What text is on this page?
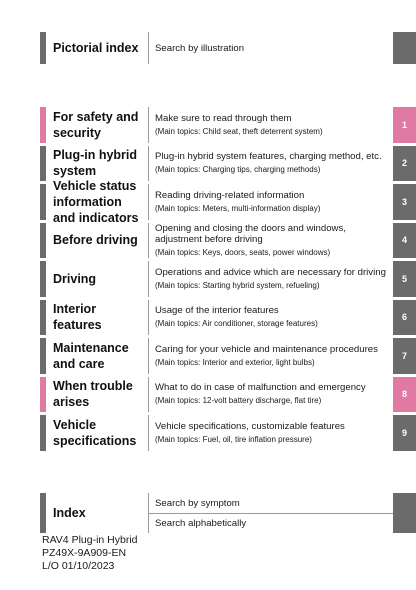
Pictorial index	Search by illustration
For safety and security
Make sure to read through them
(Main topics: Child seat, theft deterrent system)
1
Plug-in hybrid system
Plug-in hybrid system features, charging method, etc.
(Main topics: Charging tips, charging methods)
2
Vehicle status information and indicators
Reading driving-related information
(Main topics: Meters, multi-information display)
3
Before driving
Opening and closing the doors and windows, adjustment before driving
(Main topics: Keys, doors, seats, power windows)
4
Driving	Operations and advice which are necessary for driving
(Main topics: Starting hybrid system, refueling)
5
Interior features
Usage of the interior features
(Main topics: Air conditioner, storage features)
6
Maintenance and care
Caring for your vehicle and maintenance procedures
(Main topics: Interior and exterior, light bulbs)
7
When trouble arises
What to do in case of malfunction and emergency
(Main topics: 12-volt battery discharge, flat tire)
8
Vehicle specifications
Vehicle specifications, customizable features
(Main topics: Fuel, oil, tire inflation pressure)
9
Index
Search by symptom
Search alphabetically
RAV4 Plug-in Hybrid
PZ49X-9A909-EN
L/O 01/10/2023
